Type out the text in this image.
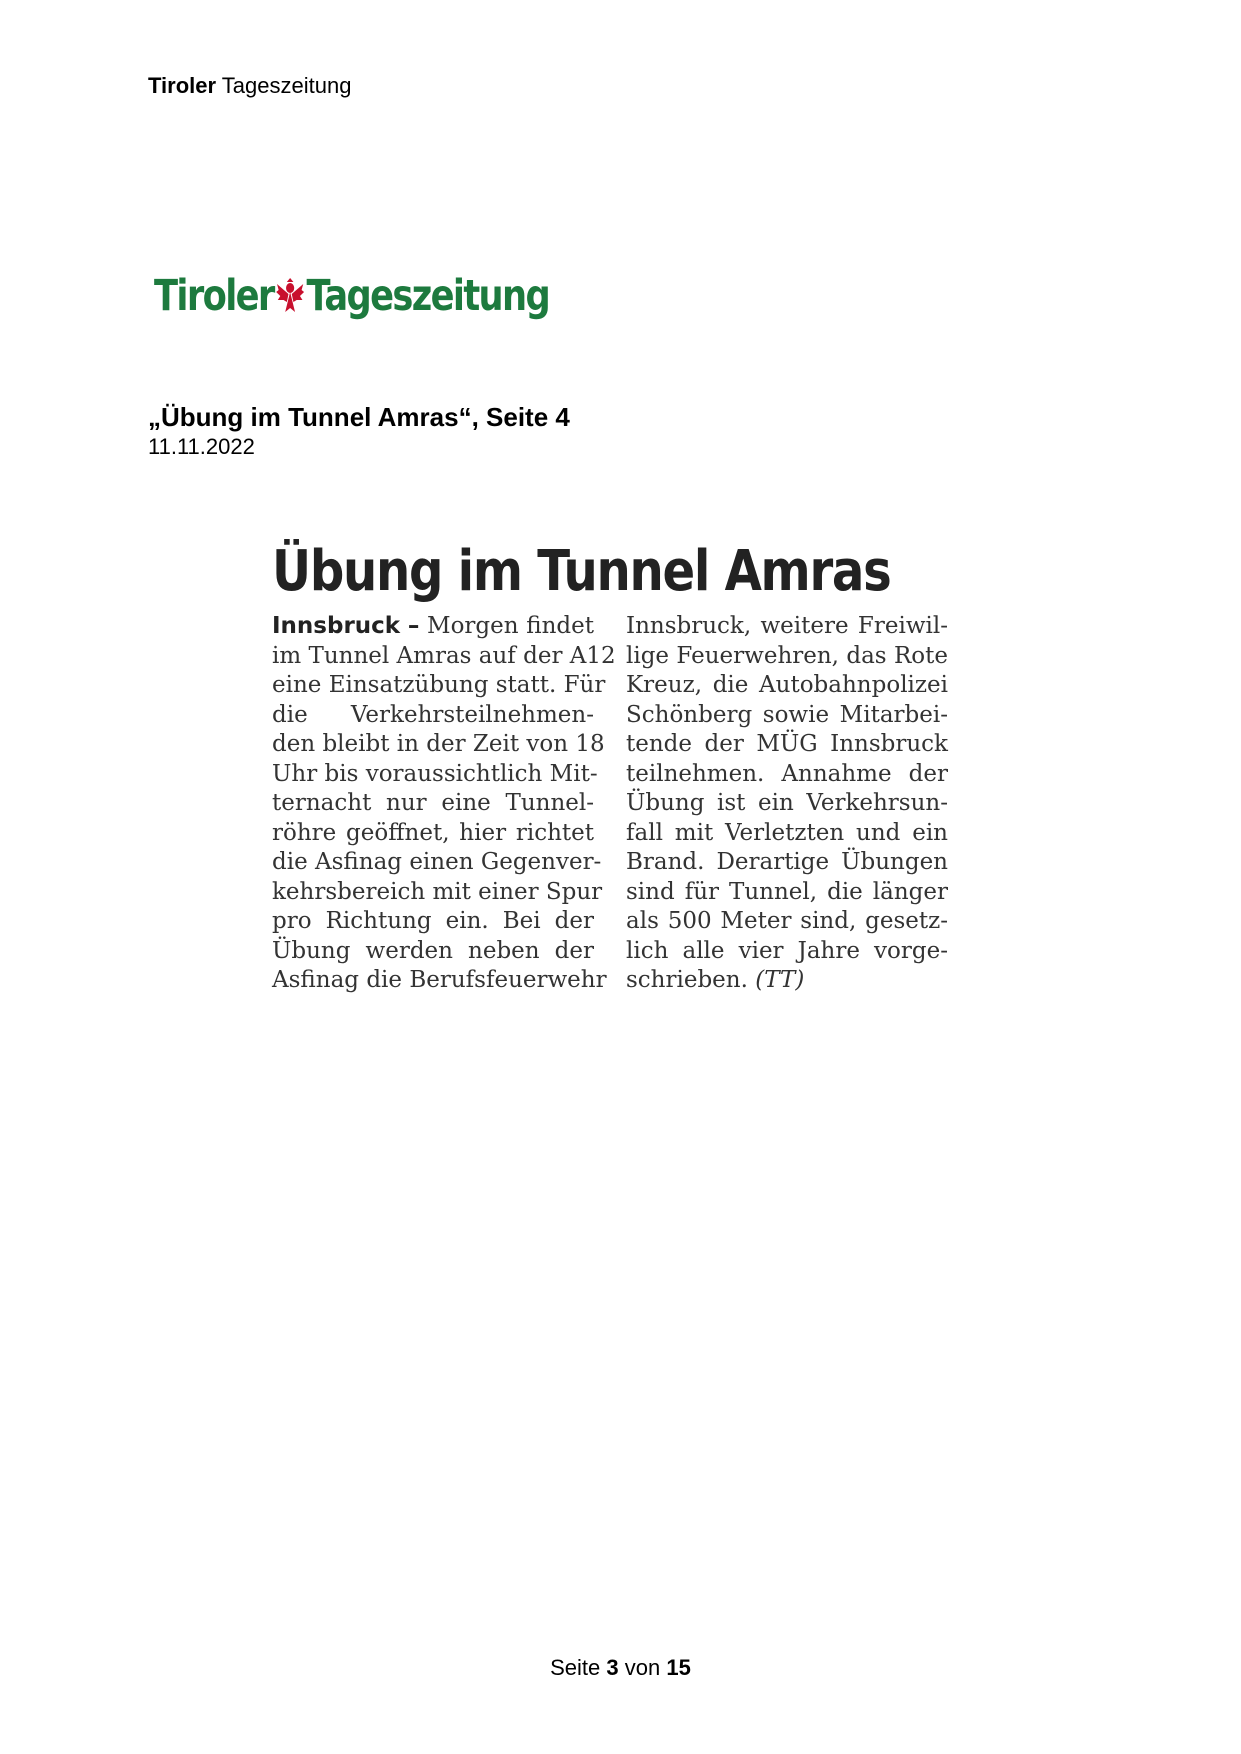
Tiroler Tageszeitung
Tiroler Tageszeitung
„Übung im Tunnel Amras“, Seite 4
11.11.2022
Übung im Tunnel Amras
Innsbruck – Morgen findet
im Tunnel Amras auf der A12
eine Einsatzübung statt. Für
die Verkehrsteilnehmen-
den bleibt in der Zeit von 18
Uhr bis voraussichtlich Mit-
ternacht nur eine Tunnel-
röhre geöffnet, hier richtet
die Asfinag einen Gegenver-
kehrsbereich mit einer Spur
pro Richtung ein. Bei der
Übung werden neben der
Asfinag die Berufsfeuerwehr
Innsbruck, weitere Freiwil-
lige Feuerwehren, das Rote
Kreuz, die Autobahnpolizei
Schönberg sowie Mitarbei-
tende der MÜG Innsbruck
teilnehmen. Annahme der
Übung ist ein Verkehrsun-
fall mit Verletzten und ein
Brand. Derartige Übungen
sind für Tunnel, die länger
als 500 Meter sind, gesetz-
lich alle vier Jahre vorge-
schrieben. (TT)
Seite 3 von 15
